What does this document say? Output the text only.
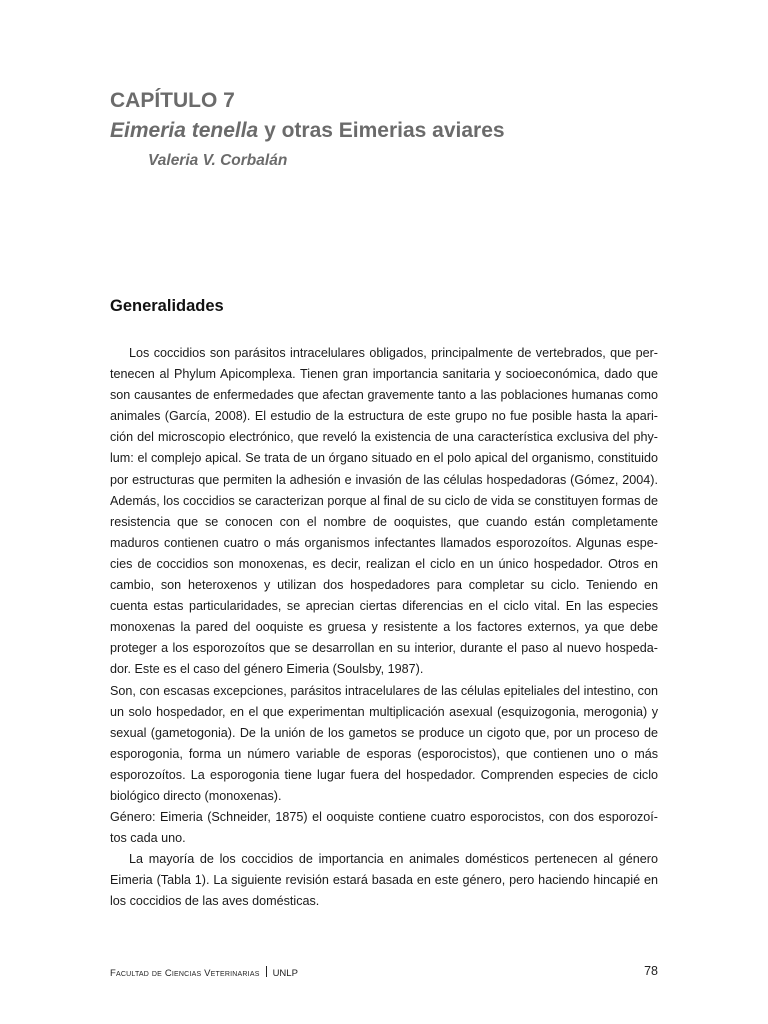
CAPÍTULO 7
Eimeria tenella y otras Eimerias aviares
Valeria V. Corbalán
Generalidades

Los coccidios son parásitos intracelulares obligados, principalmente de vertebrados, que pertenecen al Phylum Apicomplexa. Tienen gran importancia sanitaria y socioeconómica, dado que son causantes de enfermedades que afectan gravemente tanto a las poblaciones humanas como animales (García, 2008). El estudio de la estructura de este grupo no fue posible hasta la aparición del microscopio electrónico, que reveló la existencia de una característica exclusiva del phylum: el complejo apical. Se trata de un órgano situado en el polo apical del organismo, constituido por estructuras que permiten la adhesión e invasión de las células hospedadoras (Gómez, 2004). Además, los coccidios se caracterizan porque al final de su ciclo de vida se constituyen formas de resistencia que se conocen con el nombre de ooquistes, que cuando están completamente maduros contienen cuatro o más organismos infectantes llamados esporozoítos. Algunas especies de coccidios son monoxenas, es decir, realizan el ciclo en un único hospedador. Otros en cambio, son heteroxenos y utilizan dos hospedadores para completar su ciclo. Teniendo en cuenta estas particularidades, se aprecian ciertas diferencias en el ciclo vital. En las especies monoxenas la pared del ooquiste es gruesa y resistente a los factores externos, ya que debe proteger a los esporozoítos que se desarrollan en su interior, durante el paso al nuevo hospedador. Este es el caso del género Eimeria (Soulsby, 1987).

Son, con escasas excepciones, parásitos intracelulares de las células epiteliales del intestino, con un solo hospedador, en el que experimentan multiplicación asexual (esquizogonia, merogonia) y sexual (gametogonia). De la unión de los gametos se produce un cigoto que, por un proceso de esporogonia, forma un número variable de esporas (esporocistos), que contienen uno o más esporozoítos. La esporogonia tiene lugar fuera del hospedador. Comprenden especies de ciclo biológico directo (monoxenas).

Género: Eimeria (Schneider, 1875) el ooquiste contiene cuatro esporocistos, con dos esporozoítos cada uno.

La mayoría de los coccidios de importancia en animales domésticos pertenecen al género Eimeria (Tabla 1). La siguiente revisión estará basada en este género, pero haciendo hincapié en los coccidios de las aves domésticas.

Facultad de Ciencias Veterinarias UNLP	78
